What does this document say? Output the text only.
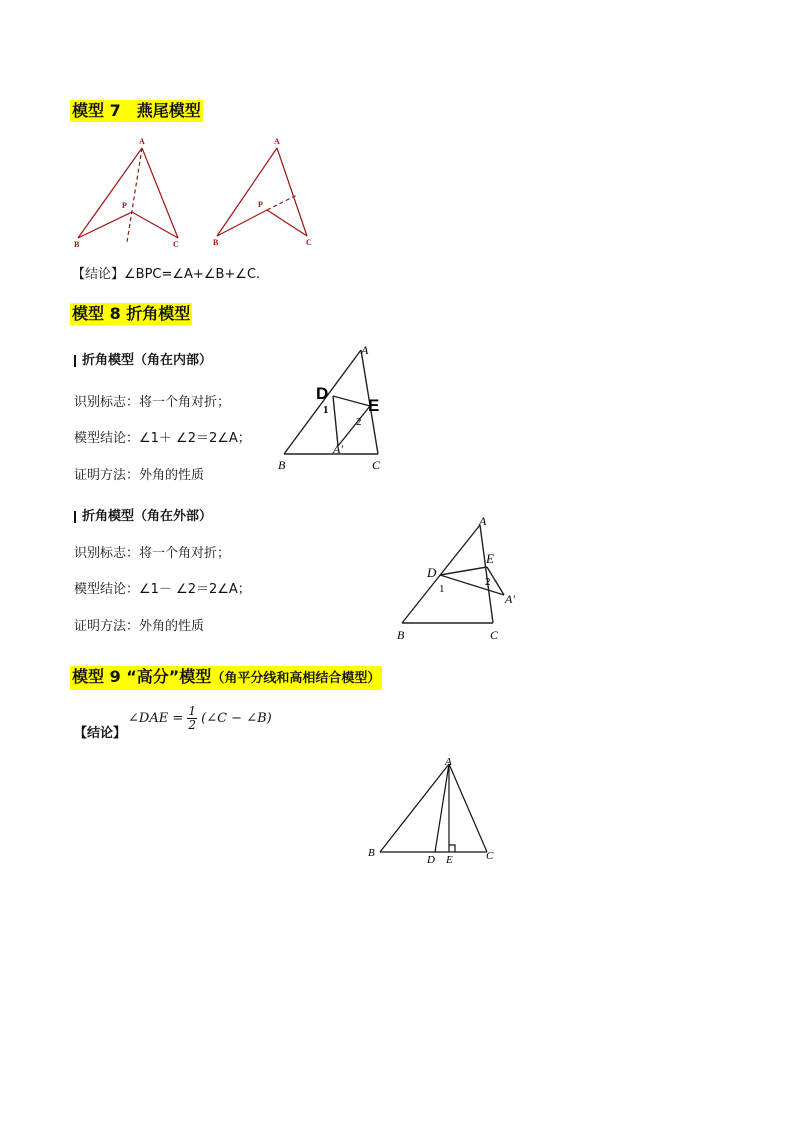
模型 7　燕尾模型
A
B	C
P
A
B	C
P
【结论】∠BPC=∠A+∠B+∠C.
模型 8 折角模型
折角模型（角在内部）
识别标志：将一个角对折；
模型结论：∠1＋ ∠2＝2∠A；
证明方法：外角的性质
A
B	C
D
E
A'
1
2
折角模型（角在外部）
识别标志：将一个角对折；
模型结论：∠1－ ∠2＝2∠A；
证明方法：外角的性质
A
B	C
D
E
A'
1
2
模型 9 “高分”模型（角平分线和高相结合模型）
【结论】
∠DAE = $\frac{1}{2}$ (∠C − ∠B)
A
B	C
D E
